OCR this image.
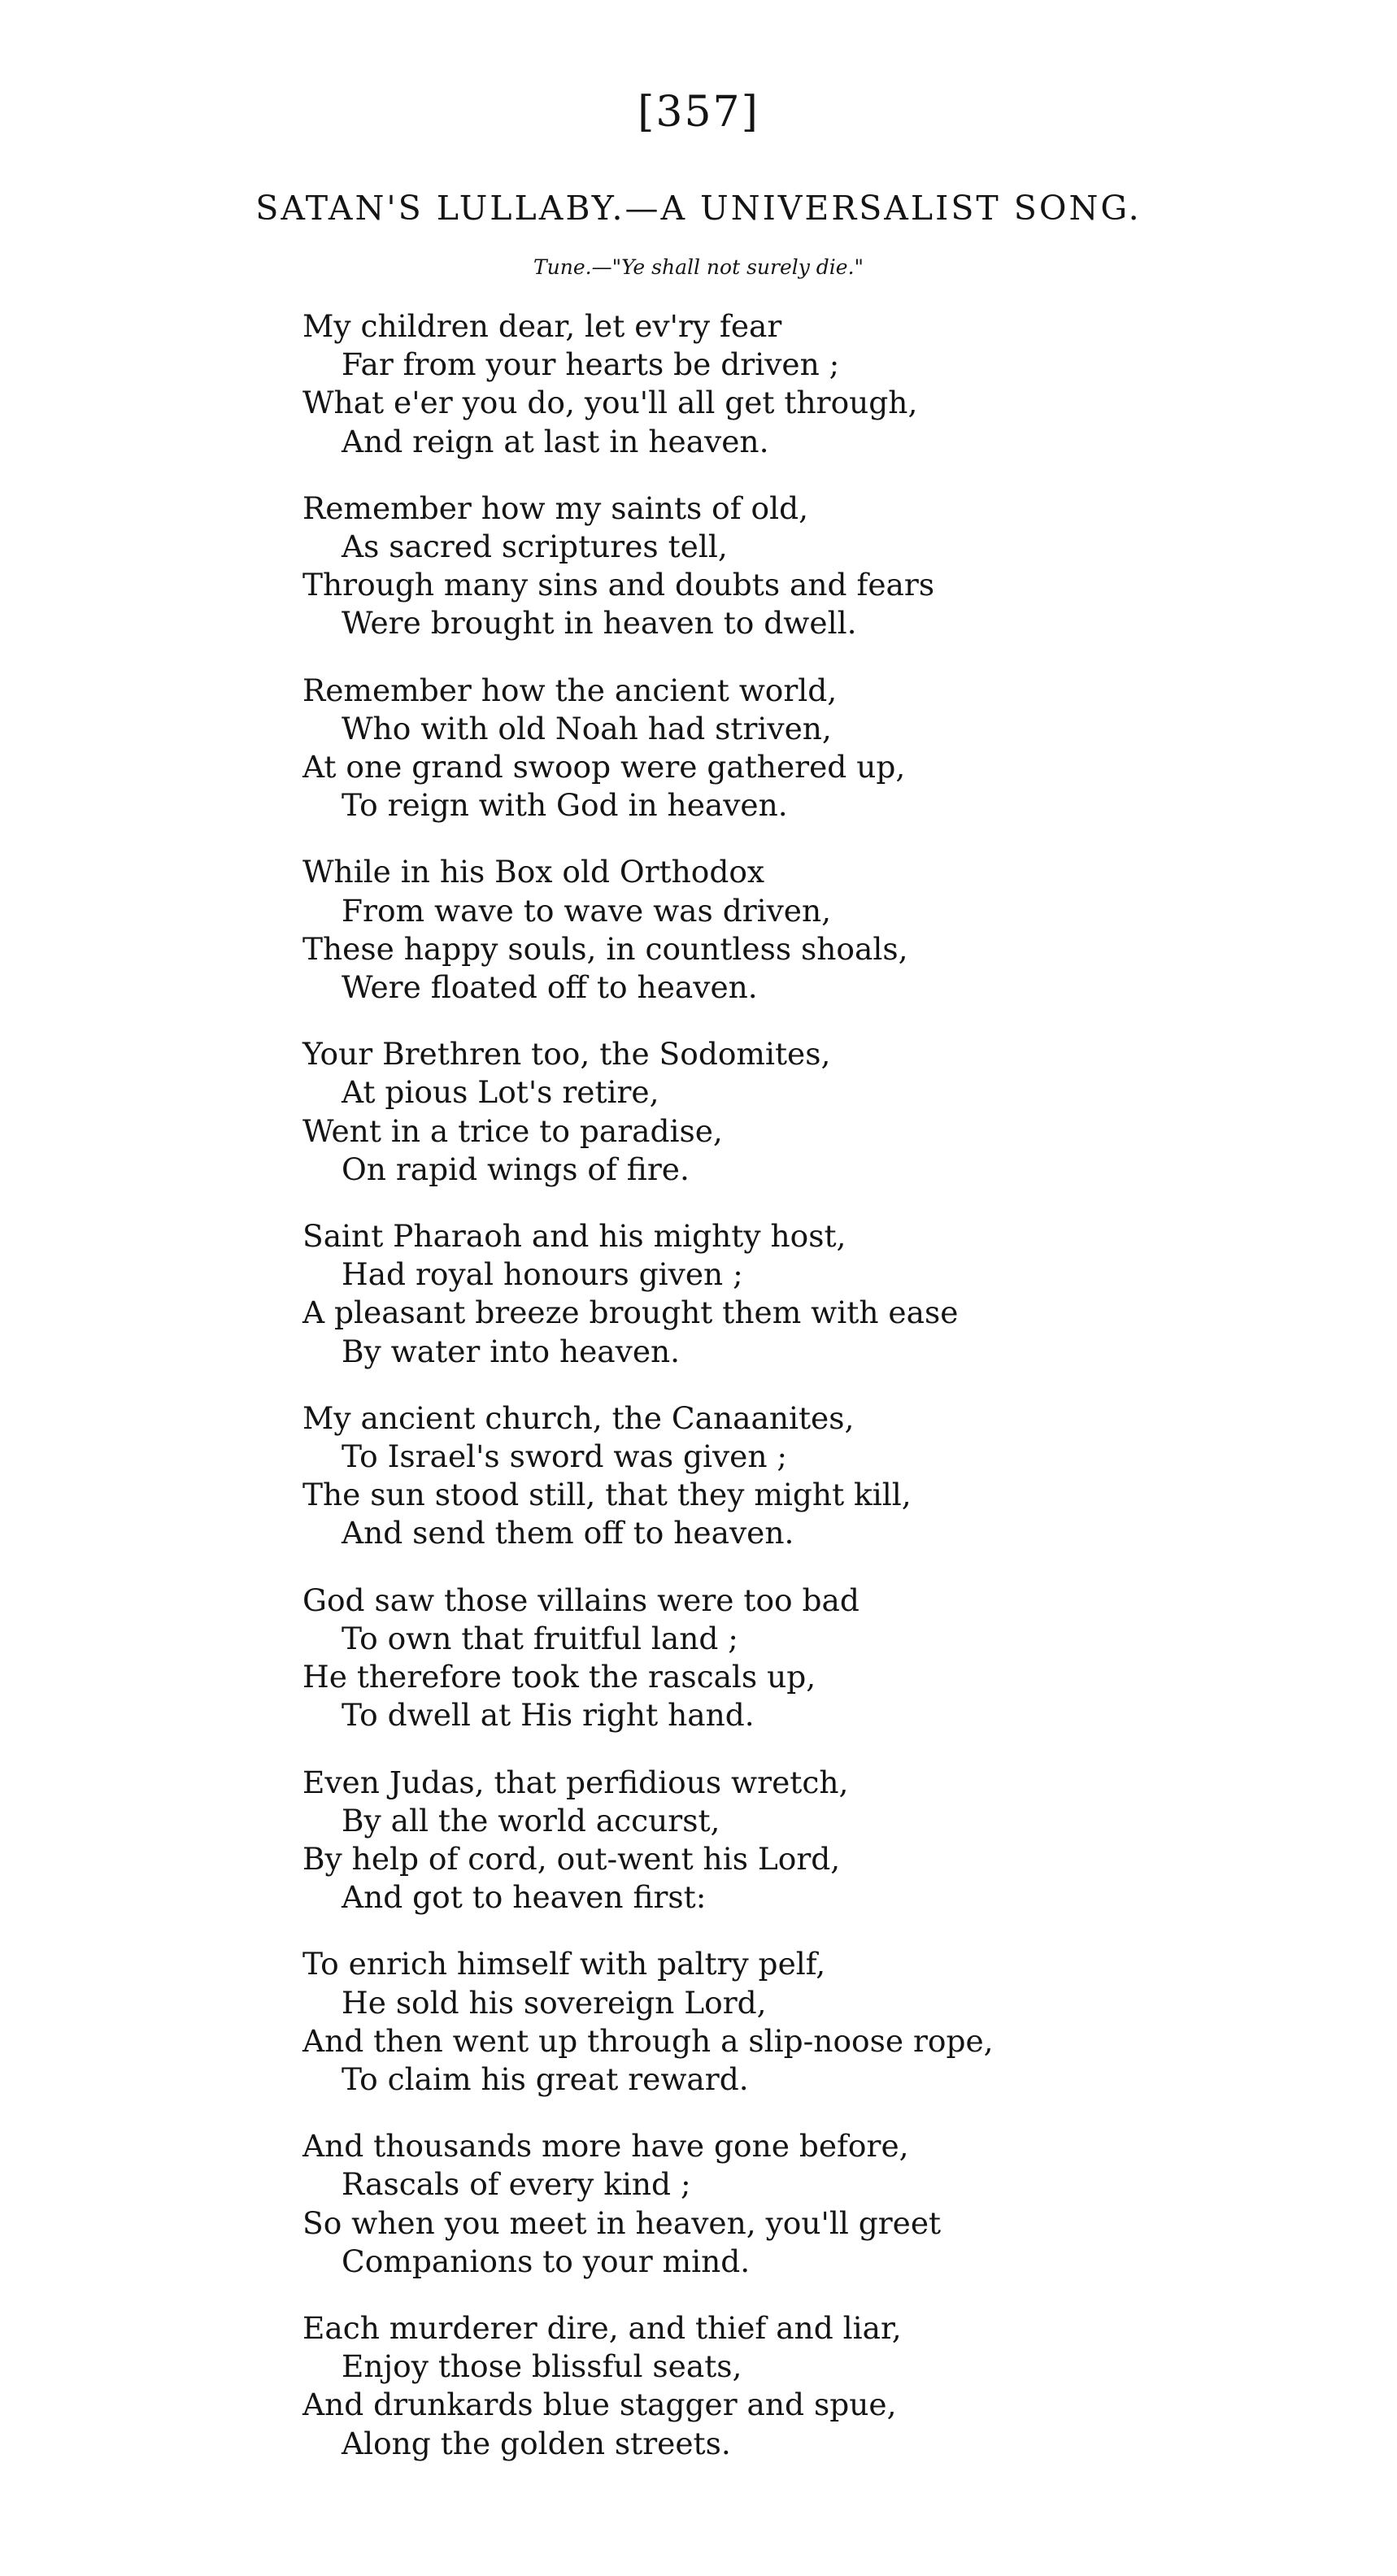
[357]
SATAN'S LULLABY.—A UNIVERSALIST SONG.
Tune.—"Ye shall not surely die."
My children dear, let ev'ry fear
Far from your hearts be driven ;
What e'er you do, you'll all get through,
And reign at last in heaven.
Remember how my saints of old,
As sacred scriptures tell,
Through many sins and doubts and fears
Were brought in heaven to dwell.
Remember how the ancient world,
Who with old Noah had striven,
At one grand swoop were gathered up,
To reign with God in heaven.
While in his Box old Orthodox
From wave to wave was driven,
These happy souls, in countless shoals,
Were floated off to heaven.
Your Brethren too, the Sodomites,
At pious Lot's retire,
Went in a trice to paradise,
On rapid wings of fire.
Saint Pharaoh and his mighty host,
Had royal honours given ;
A pleasant breeze brought them with ease
By water into heaven.
My ancient church, the Canaanites,
To Israel's sword was given ;
The sun stood still, that they might kill,
And send them off to heaven.
God saw those villains were too bad
To own that fruitful land ;
He therefore took the rascals up,
To dwell at His right hand.
Even Judas, that perfidious wretch,
By all the world accurst,
By help of cord, out-went his Lord,
And got to heaven first:
To enrich himself with paltry pelf,
He sold his sovereign Lord,
And then went up through a slip-noose rope,
To claim his great reward.
And thousands more have gone before,
Rascals of every kind ;
So when you meet in heaven, you'll greet
Companions to your mind.
Each murderer dire, and thief and liar,
Enjoy those blissful seats,
And drunkards blue stagger and spue,
Along the golden streets.
